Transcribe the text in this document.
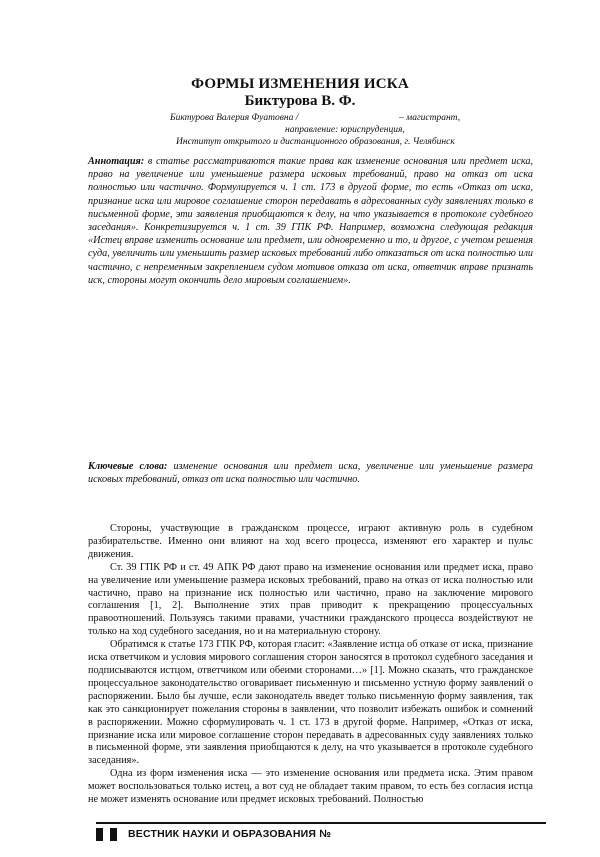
ФОРМЫ ИЗМЕНЕНИЯ ИСКА
Биктурова В. Ф.
Биктурова Валерия Фуатовна /	– магистрант,
направление: юриспруденция,
Институт открытого и дистанционного образования, г. Челябинск
Аннотация: в статье рассматриваются такие права как изменение основания или предмет иска, право на увеличение или уменьшение размера исковых требований, право на отказ от иска полностью или частично. Формулируется ч. 1 ст. 173 в другой форме, то есть «Отказ от иска, признание иска или мировое соглашение сторон передавать в адресованных суду заявлениях только в письменной форме, эти заявления приобщаются к делу, на что указывается в протоколе судебного заседания». Конкретизируется ч. 1 ст. 39 ГПК РФ. Например, возможна следующая редакция «Истец вправе изменить основание или предмет, или одновременно и то, и другое, с учетом решения суда, увеличить или уменьшить размер исковых требований либо отказаться от иска полностью или частично, с непременным закреплением судом мотивов отказа от иска, ответчик вправе признать иск, стороны могут окончить дело мировым соглашением».
Ключевые слова: изменение основания или предмет иска, увеличение или уменьшение размера исковых требований, отказ от иска полностью или частично.

Стороны, участвующие в гражданском процессе, играют активную роль в судебном разбирательстве. Именно они влияют на ход всего процесса, изменяют его характер и пульс движения.

Ст. 39 ГПК РФ и ст. 49 АПК РФ дают право на изменение основания или предмет иска, право на увеличение или уменьшение размера исковых требований, право на отказ от иска полностью или частично, право на признание иск полностью или частично, право на заключение мирового соглашения [1, 2]. Выполнение этих прав приводит к прекращению процессуальных правоотношений. Пользуясь такими правами, участники гражданского процесса воздействуют не только на ход судебного заседания, но и на материальную сторону.

Обратимся к статье 173 ГПК РФ, которая гласит: «Заявление истца об отказе от иска, признание иска ответчиком и условия мирового соглашения сторон заносятся в протокол судебного заседания и подписываются истцом, ответчиком или обеими сторонами…» [1]. Можно сказать, что гражданское процессуальное законодательство оговаривает письменную и письменно устную форму заявлений о распоряжении. Было бы лучше, если законодатель введет только письменную форму заявления, так как это санкционирует пожелания стороны в заявлении, что позволит избежать ошибок и сомнений в распоряжении. Можно сформулировать ч. 1 ст. 173 в другой форме. Например, «Отказ от иска, признание иска или мировое соглашение сторон передавать в адресованных суду заявлениях только в письменной форме, эти заявления приобщаются к делу, на что указывается в протоколе судебного заседания».

Одна из форм изменения иска — это изменение основания или предмета иска. Этим правом может воспользоваться только истец, а вот суд не обладает таким правом, то есть без согласия истца не может изменять основание или предмет исковых требований. Полностью

ВЕСТНИК НАУКИ И ОБРАЗОВАНИЯ №
